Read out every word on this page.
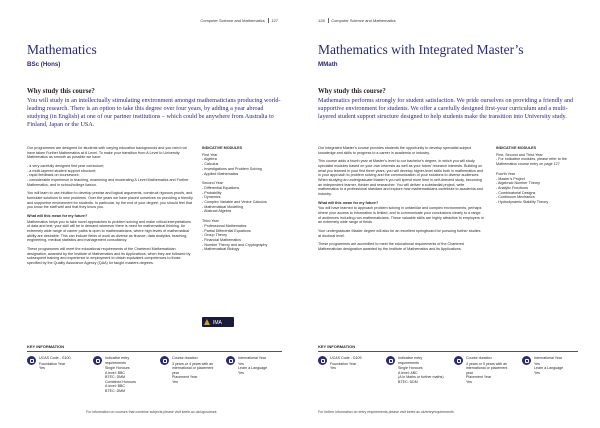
Computer Science and Mathematics 127
Mathematics
BSc (Hons)
Why study this course?
You will study in an intellectually stimulating environment amongst mathematicians producing world-leading research. There is an option to take this degree over four years, by adding a year abroad studying (in English) at one of our partner institutions – which could be anywhere from Australia to Finland, Japan or the USA.

Our programmes are designed for students with varying education backgrounds and you need not have taken Further Mathematics at A Level. To make your transition from A Level to University Mathematics as smooth as possible we have:

- a very carefully designed first year curriculum;
- a multi-layered student support structure;
- rapid feedback on coursework;

- considerable experience in teaching, examining and moderating A Level Mathematics and Further Mathematics, and in school/college liaison.

You will learn to use intuition to develop precise and logical arguments, construct rigorous proofs, and formulate solutions to new problems. Over the years we have placed ourselves on providing a friendly and supportive environment for students. In particular, by the end of your degree, you should feel that you know the staff well and that they know you.

What will this mean for my future?

Mathematics helps you to take novel approaches to problem solving and make critical interpretations of data and text; your skill will be in demand wherever there is need for mathematical thinking. An extremely wide range of career paths is open to mathematicians, where high levels of mathematical ability are desirable. This can include fields of work as diverse as finance, data analytics, teaching, engineering, medical statistics and management consultancy.

These programmes will meet the educational requirements of the Chartered Mathematician designation, awarded by the Institute of Mathematics and its Applications, when they are followed by subsequent training and experience in employment to obtain equivalent competences to those specified by the Quality Assurance Agency (QAA) for taught masters degrees.

INDICATIVE MODULES
First Year
- Algebra
- Calculus
- Investigations and Problem Solving
- Applied Mathematics
Second Year
- Differential Equations
- Probability
- Dynamics
- Complex Variable and Vector Calculus
- Mathematical Modelling
- Abstract Algebra
Third Year
- Professional Mathematics
- Partial Differential Equations
- Group Theory
- Financial Mathematics
- Number Theory and and Cryptography
- Mathematical Biology
IMA
KEY INFORMATION
UCAS Code - G100
Foundation Year
Yes
Indicative entry requirements
Single Honours
A level: BBC
BTEC: DMM
Combined Honours
A level: BBC
BTEC: DMM
Course duration
3 years or 4 years with an international or placement year
Placement Year
Yes
International Year
Yes
Learn a Language
Yes
For information on courses that combine subjects please visit keele.ac.uk/ugcourses
128 Computer Science and Mathematics
Mathematics with Integrated Master’s
MMath
Why study this course?
Mathematics performs strongly for student satisfaction. We pride ourselves on providing a friendly and supportive environment for students. We offer a carefully designed first-year curriculum and a multi-layered student support structure designed to help students make the transition into University study.

Our Integrated Master’s course provides students the opportunity to develop specialist subject knowledge and skills to progress to a career in academia or industry.

This course adds a fourth year at Master’s level to our bachelor’s degree, in which you will study specialist modules based on your own interests as well as your tutors’ research interests. Building on what you learned in your first three years, you will develop higher-level skills both in mathematics and in your approach to problem solving and the communication of your solutions to diverse audiences. When studying an undergraduate Master’s you will spend more time in self-directed study, becoming an independent learner, thinker and researcher. You will deliver a substantial project, write mathematics to a professional standard and explore how mathematicians contribute to academia and industry.

What will this mean for my future?

You will have learned to approach problem solving in unfamiliar and complex environments, perhaps where your access to information is limited, and to communicate your conclusions clearly to a range of audiences including non-mathematicians. These valuable skills are highly attractive to employers in an extremely wide range of fields.

Your undergraduate Master degree will also be an excellent springboard for pursuing further studies at doctoral level.

These programmes are accredited to meet the educational requirements of the Chartered Mathematician designation awarded by the Institute of Mathematics and its Applications.

INDICATIVE MODULES
First, Second and Third Year
- For indicative modules, please refer to the Mathematics course entry on page 127
Fourth Year
- Master’s Project
- Algebraic Number Theory
- Analytic Functions
- Combinatorial Designs
- Continuum Mechanics
- Hydrodynamic Stability Theory
KEY INFORMATION
UCAS Code - G109
Foundation Year
Yes
Indicative entry requirements
Single Honours
A level: ABC
(A in Maths or further maths)
BTEC: DDM
Course duration
4 years or 5 years with an international or placement year
Placement Year
Yes
International Year
Yes
Learn a Language
Yes
For further information on entry requirements please visit keele.ac.uk/entryrequirements
